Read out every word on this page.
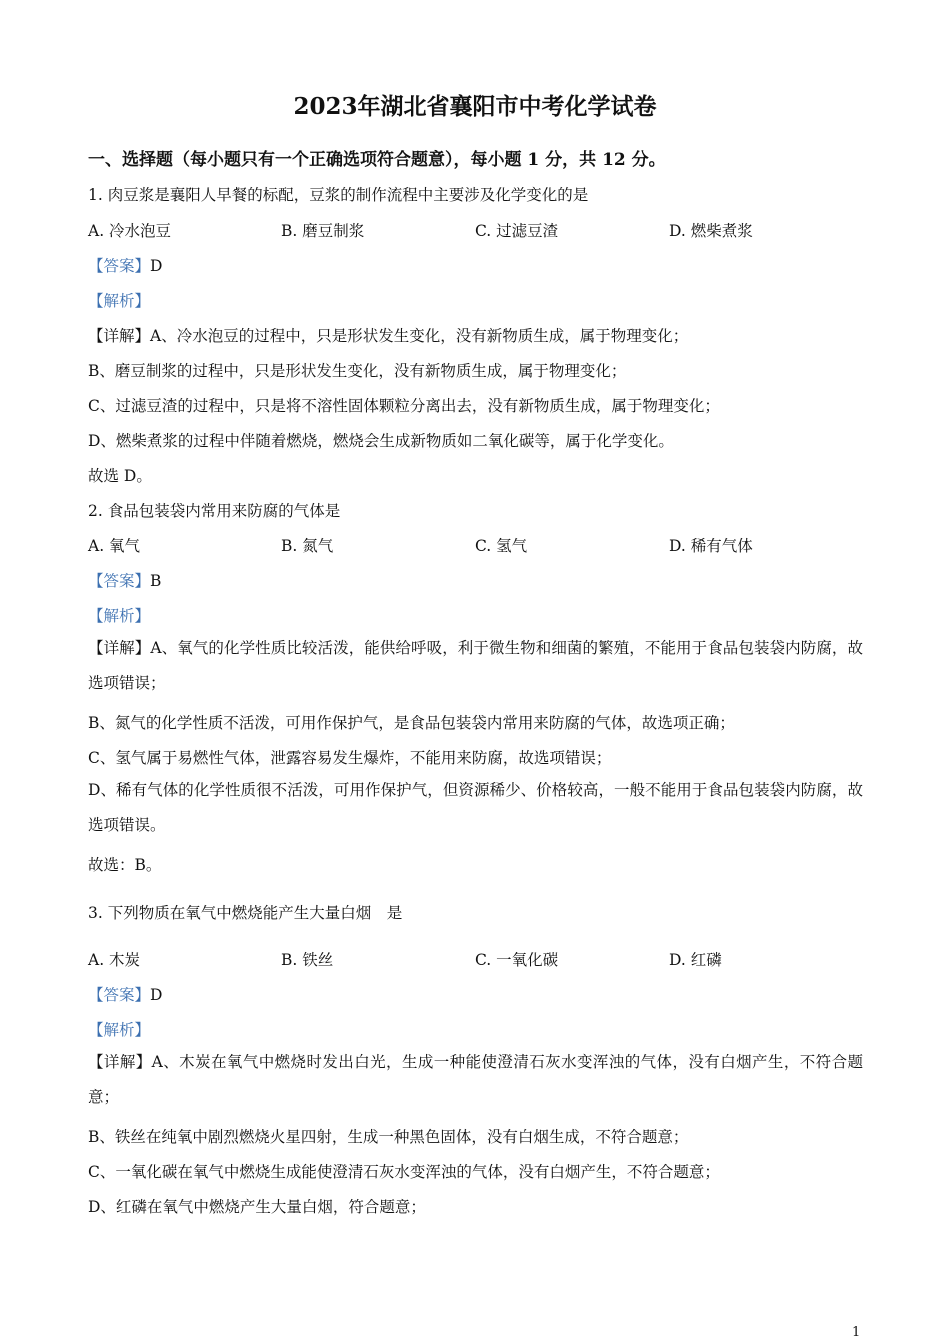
2023年湖北省襄阳市中考化学试卷
一、选择题（每小题只有一个正确选项符合题意），每小题 1 分，共 12 分。
1. 肉豆浆是襄阳人早餐的标配，豆浆的制作流程中主要涉及化学变化的是
A. 冷水泡豆	B. 磨豆制浆	C. 过滤豆渣	D. 燃柴煮浆
【答案】D
【解析】
【详解】A、冷水泡豆的过程中，只是形状发生变化，没有新物质生成，属于物理变化；
B、磨豆制浆的过程中，只是形状发生变化，没有新物质生成，属于物理变化；
C、过滤豆渣的过程中，只是将不溶性固体颗粒分离出去，没有新物质生成，属于物理变化；
D、燃柴煮浆的过程中伴随着燃烧，燃烧会生成新物质如二氧化碳等，属于化学变化。
故选 D。
2. 食品包装袋内常用来防腐的气体是
A. 氧气	B. 氮气	C. 氢气	D. 稀有气体
【答案】B
【解析】
【详解】A、氧气的化学性质比较活泼，能供给呼吸，利于微生物和细菌的繁殖，不能用于食品包装袋内防腐，故选项错误；
B、氮气的化学性质不活泼，可用作保护气，是食品包装袋内常用来防腐的气体，故选项正确；
C、氢气属于易燃性气体，泄露容易发生爆炸，不能用来防腐，故选项错误；
D、稀有气体的化学性质很不活泼，可用作保护气，但资源稀少、价格较高，一般不能用于食品包装袋内防腐，故选项错误。
故选：B。
3. 下列物质在氧气中燃烧能产生大量白烟　是
A. 木炭	B. 铁丝	C. 一氧化碳	D. 红磷
【答案】D
【解析】
【详解】A、木炭在氧气中燃烧时发出白光，生成一种能使澄清石灰水变浑浊的气体，没有白烟产生，不符合题意；
B、铁丝在纯氧中剧烈燃烧火星四射，生成一种黑色固体，没有白烟生成，不符合题意；
C、一氧化碳在氧气中燃烧生成能使澄清石灰水变浑浊的气体，没有白烟产生，不符合题意；
D、红磷在氧气中燃烧产生大量白烟，符合题意；
1
